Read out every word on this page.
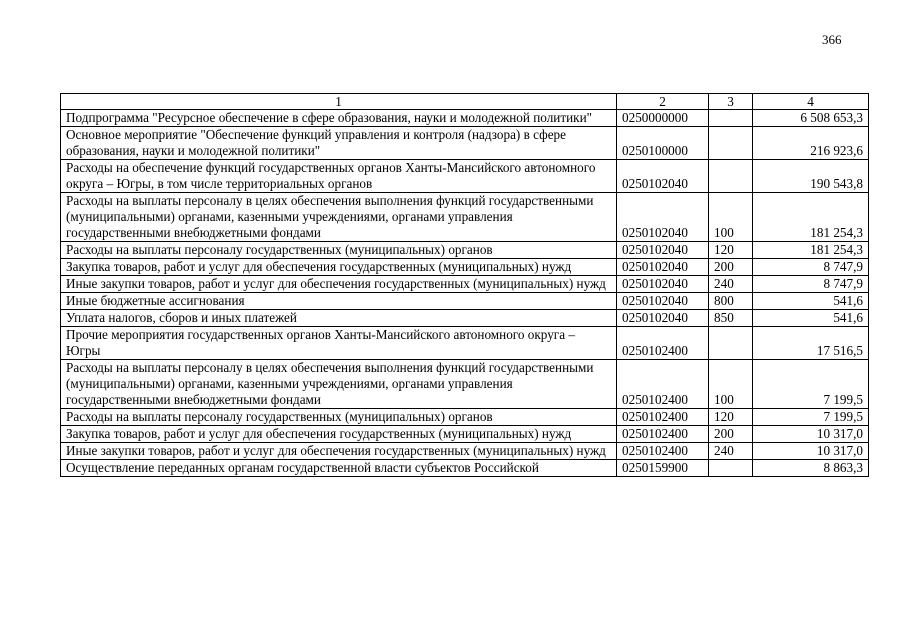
366
1	2	3	4
Подпрограмма "Ресурсное обеспечение в сфере образования, науки и молодежной политики"	0250000000		6 508 653,3
Основное мероприятие "Обеспечение функций управления и контроля (надзора) в сфере образования, науки и молодежной политики"	0250100000		216 923,6
Расходы на обеспечение функций государственных органов Ханты-Мансийского автономного округа – Югры, в том числе территориальных органов	0250102040		190 543,8
Расходы на выплаты персоналу в целях обеспечения выполнения функций государственными (муниципальными) органами, казенными учреждениями, органами управления государственными внебюджетными фондами	0250102040	100	181 254,3
Расходы на выплаты персоналу государственных (муниципальных) органов	0250102040	120	181 254,3
Закупка товаров, работ и услуг для обеспечения государственных (муниципальных) нужд	0250102040	200	8 747,9
Иные закупки товаров, работ и услуг для обеспечения государственных (муниципальных) нужд	0250102040	240	8 747,9
Иные бюджетные ассигнования	0250102040	800	541,6
Уплата налогов, сборов и иных платежей	0250102040	850	541,6
Прочие мероприятия государственных органов Ханты-Мансийского автономного округа – Югры	0250102400		17 516,5
Расходы на выплаты персоналу в целях обеспечения выполнения функций государственными (муниципальными) органами, казенными учреждениями, органами управления государственными внебюджетными фондами	0250102400	100	7 199,5
Расходы на выплаты персоналу государственных (муниципальных) органов	0250102400	120	7 199,5
Закупка товаров, работ и услуг для обеспечения государственных (муниципальных) нужд	0250102400	200	10 317,0
Иные закупки товаров, работ и услуг для обеспечения государственных (муниципальных) нужд	0250102400	240	10 317,0
Осуществление переданных органам государственной власти субъектов Российской	0250159900		8 863,3
